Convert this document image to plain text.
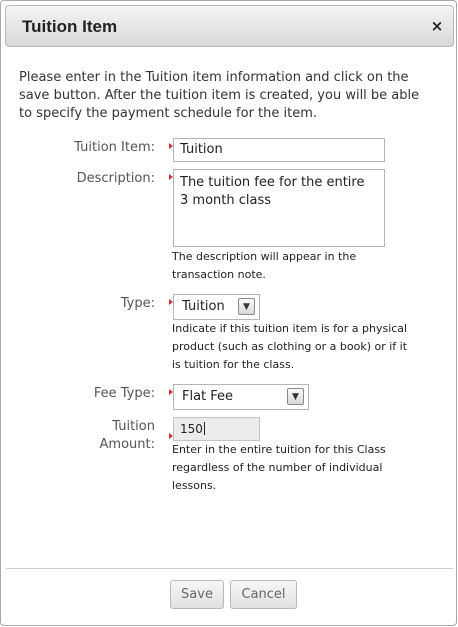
Tuition Item	×

Please enter in the Tuition item information and click on the save button. After the tuition item is created, you will be able to specify the payment schedule for the item.

Tuition Item:	Tuition
Description: The tuition fee for the entire
3 month class
The description will appear in the
transaction note.
Type: Tuition	▼
Indicate if this tuition item is for a physical
product (such as clothing or a book) or if it
is tuition for the class.
Fee Type: Flat Fee	▼
Tuition
Amount:
150
Enter in the entire tuition for this Class
regardless of the number of individual
lessons.
Save	Cancel
